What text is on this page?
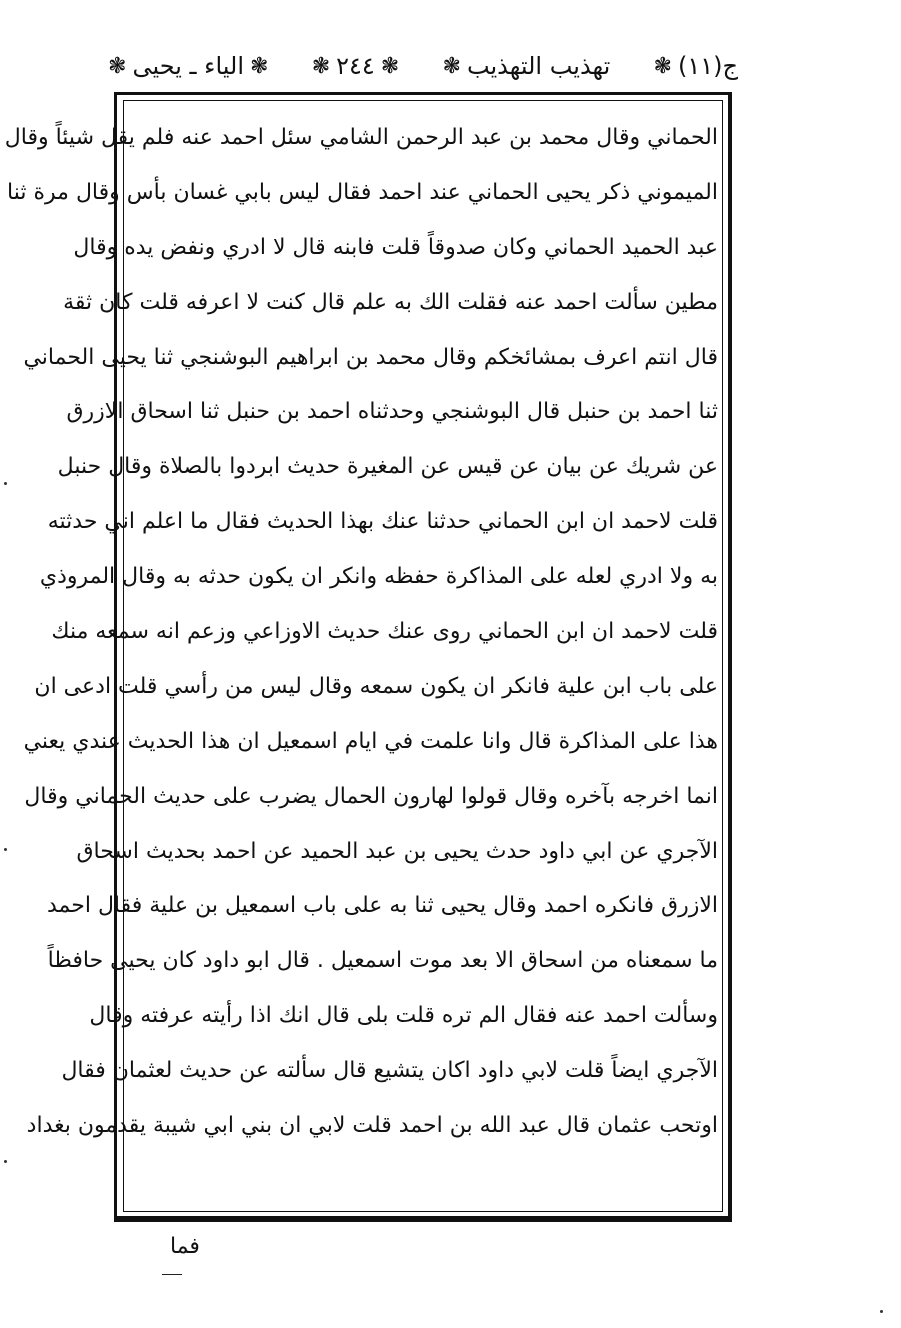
ج(١١)
❃
تهذيب التهذيب
❃
❃
٢٤٤
❃
❃
الياء ـ يحيى
❃
الحماني وقال محمد بن عبد الرحمن الشامي سئل احمد عنه فلم يقل شيئاً وقال
الميموني ذكر يحيى الحماني عند احمد فقال ليس بابي غسان بأس وقال مرة ثنا
عبد الحميد الحماني وكان صدوقاً قلت فابنه قال لا ادري ونفض يده وقال
مطين سألت احمد عنه فقلت الك به علم قال كنت لا اعرفه قلت كان ثقة
قال انتم اعرف بمشائخكم وقال محمد بن ابراهيم البوشنجي ثنا يحيى الحماني
ثنا احمد بن حنبل قال البوشنجي وحدثناه احمد بن حنبل ثنا اسحاق الازرق
عن شريك عن بيان عن قيس عن المغيرة حديث ابردوا بالصلاة وقال حنبل
قلت لاحمد ان ابن الحماني حدثنا عنك بهذا الحديث فقال ما اعلم اني حدثته
به ولا ادري لعله على المذاكرة حفظه وانكر ان يكون حدثه به وقال المروذي
قلت لاحمد ان ابن الحماني روى عنك حديث الاوزاعي وزعم انه سمعه منك
على باب ابن علية فانكر ان يكون سمعه وقال ليس من رأسي قلت ادعى ان
هذا على المذاكرة قال وانا علمت في ايام اسمعيل ان هذا الحديث عندي يعني
انما اخرجه بآخره وقال قولوا لهارون الحمال يضرب على حديث الحماني وقال
الآجري عن ابي داود حدث يحيى بن عبد الحميد عن احمد بحديث اسحاق
الازرق فانكره احمد وقال يحيى ثنا به على باب اسمعيل بن علية فقال احمد
ما سمعناه من اسحاق الا بعد موت اسمعيل . قال ابو داود كان يحيى حافظاً
وسألت احمد عنه فقال الم تره قلت بلى قال انك اذا رأيته عرفته وقال
الآجري ايضاً قلت لابي داود اكان يتشيع قال سألته عن حديث لعثمان فقال
اوتحب عثمان قال عبد الله بن احمد قلت لابي ان بني ابي شيبة يقدمون بغداد
فما
